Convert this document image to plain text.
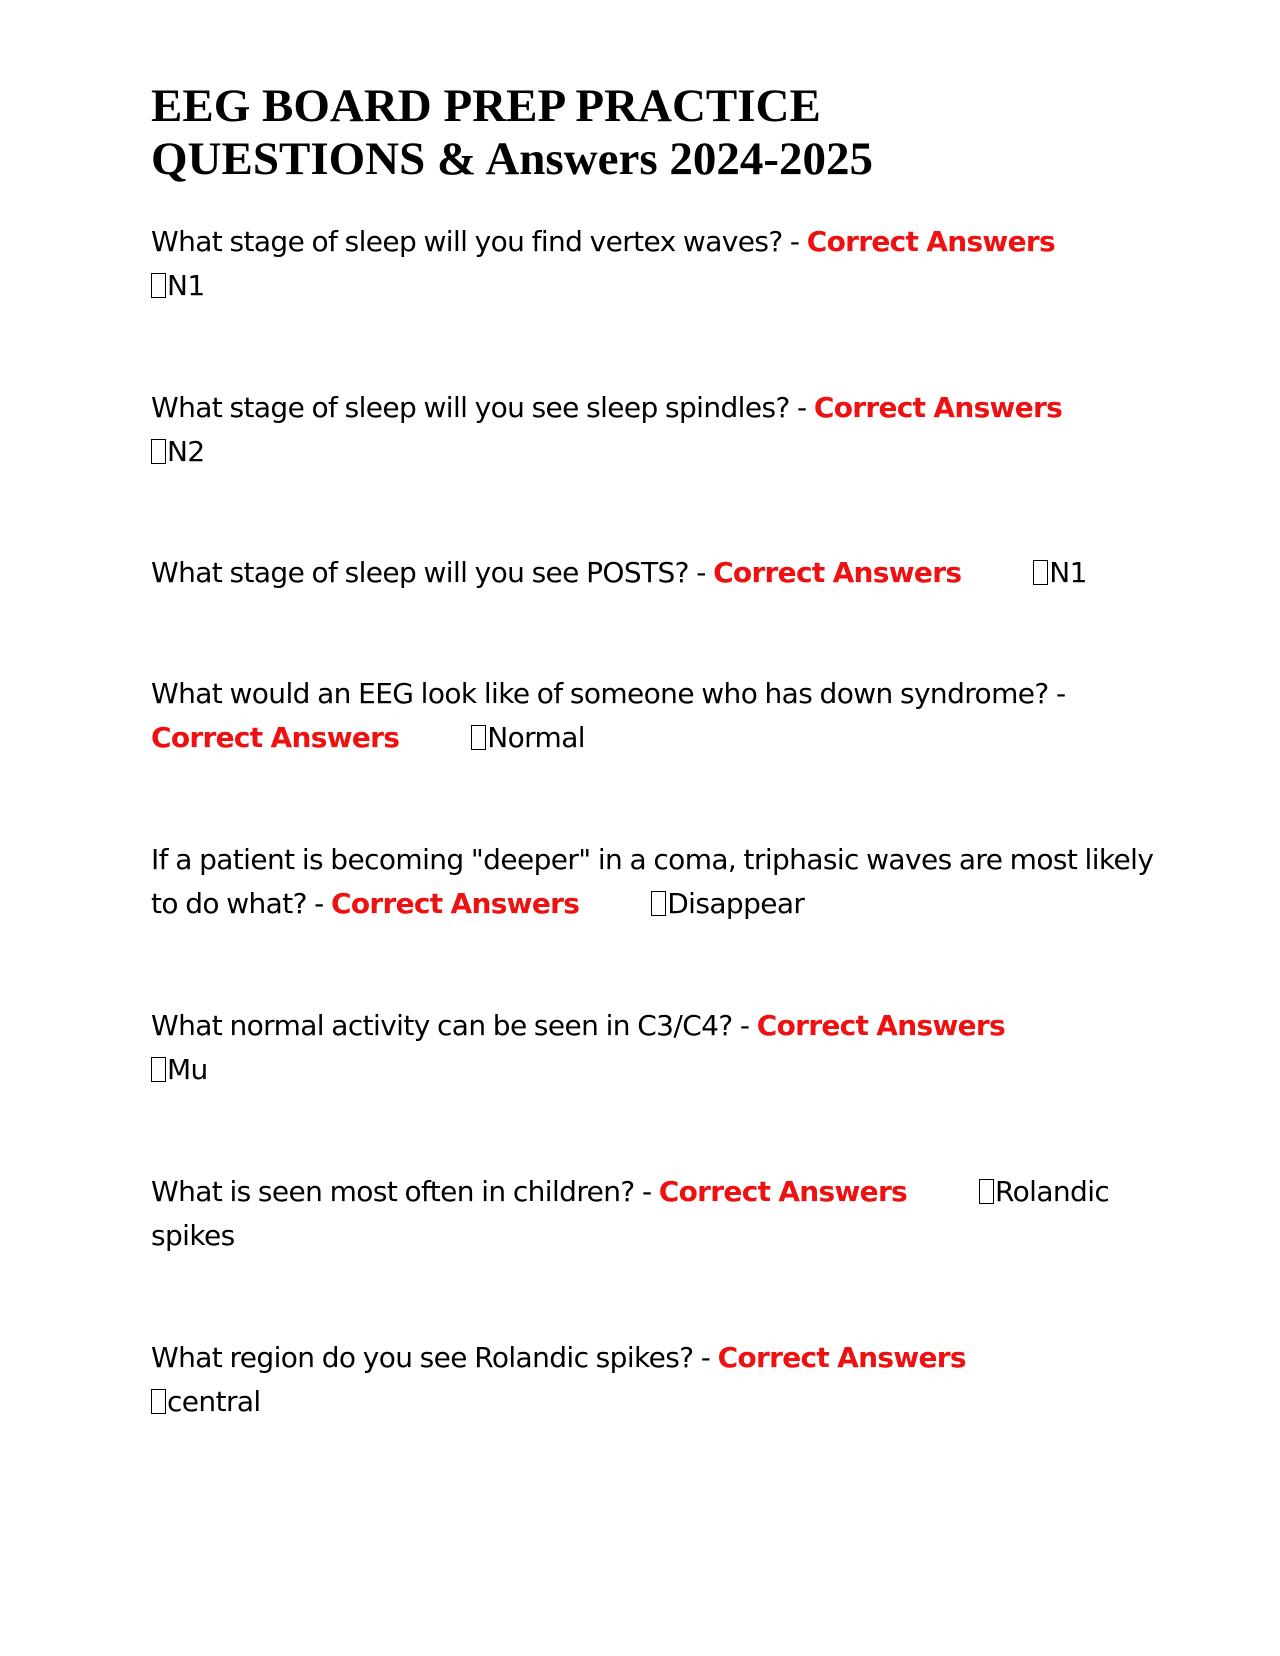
EEG BOARD PREP PRACTICE
QUESTIONS & Answers 2024-2025

What stage of sleep will you find vertex waves? - Correct Answers
N1

What stage of sleep will you see sleep spindles? - Correct Answers
N2

What stage of sleep will you see POSTS? - Correct Answers	N1

What would an EEG look like of someone who has down syndrome? -
Correct Answers	Normal

If a patient is becoming "deeper" in a coma, triphasic waves are most likely to do what? - Correct Answers	Disappear

What normal activity can be seen in C3/C4? - Correct Answers
Mu

What is seen most often in children? - Correct Answers	Rolandic spikes

What region do you see Rolandic spikes? - Correct Answers
central
